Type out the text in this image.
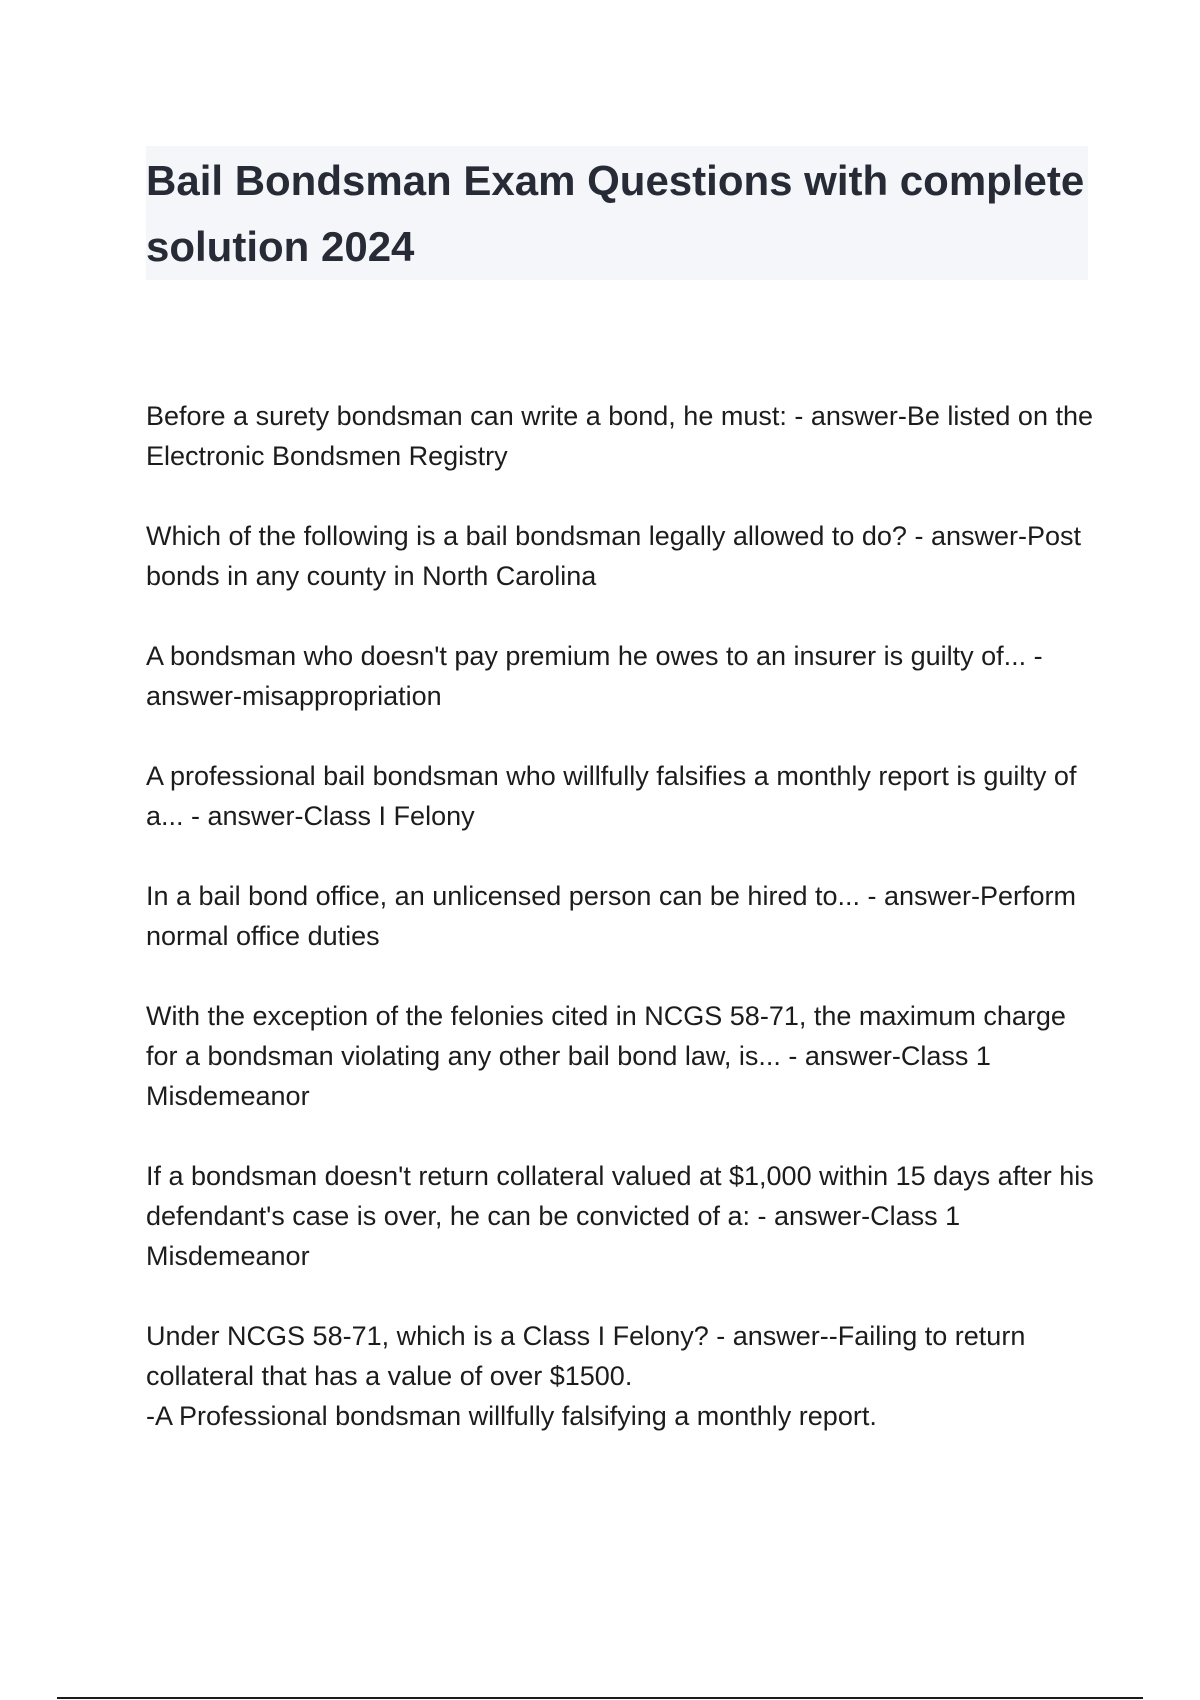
Bail Bondsman Exam Questions with complete solution 2024

Before a surety bondsman can write a bond, he must: - answer-Be listed on the Electronic Bondsmen Registry

Which of the following is a bail bondsman legally allowed to do? - answer-Post bonds in any county in North Carolina

A bondsman who doesn't pay premium he owes to an insurer is guilty of... - answer-misappropriation

A professional bail bondsman who willfully falsifies a monthly report is guilty of a... - answer-Class I Felony

In a bail bond office, an unlicensed person can be hired to... - answer-Perform normal office duties

With the exception of the felonies cited in NCGS 58-71, the maximum charge for a bondsman violating any other bail bond law, is... - answer-Class 1 Misdemeanor

If a bondsman doesn't return collateral valued at $1,000 within 15 days after his defendant's case is over, he can be convicted of a: - answer-Class 1 Misdemeanor

Under NCGS 58-71, which is a Class I Felony? - answer--Failing to return collateral that has a value of over $1500.
-A Professional bondsman willfully falsifying a monthly report.
